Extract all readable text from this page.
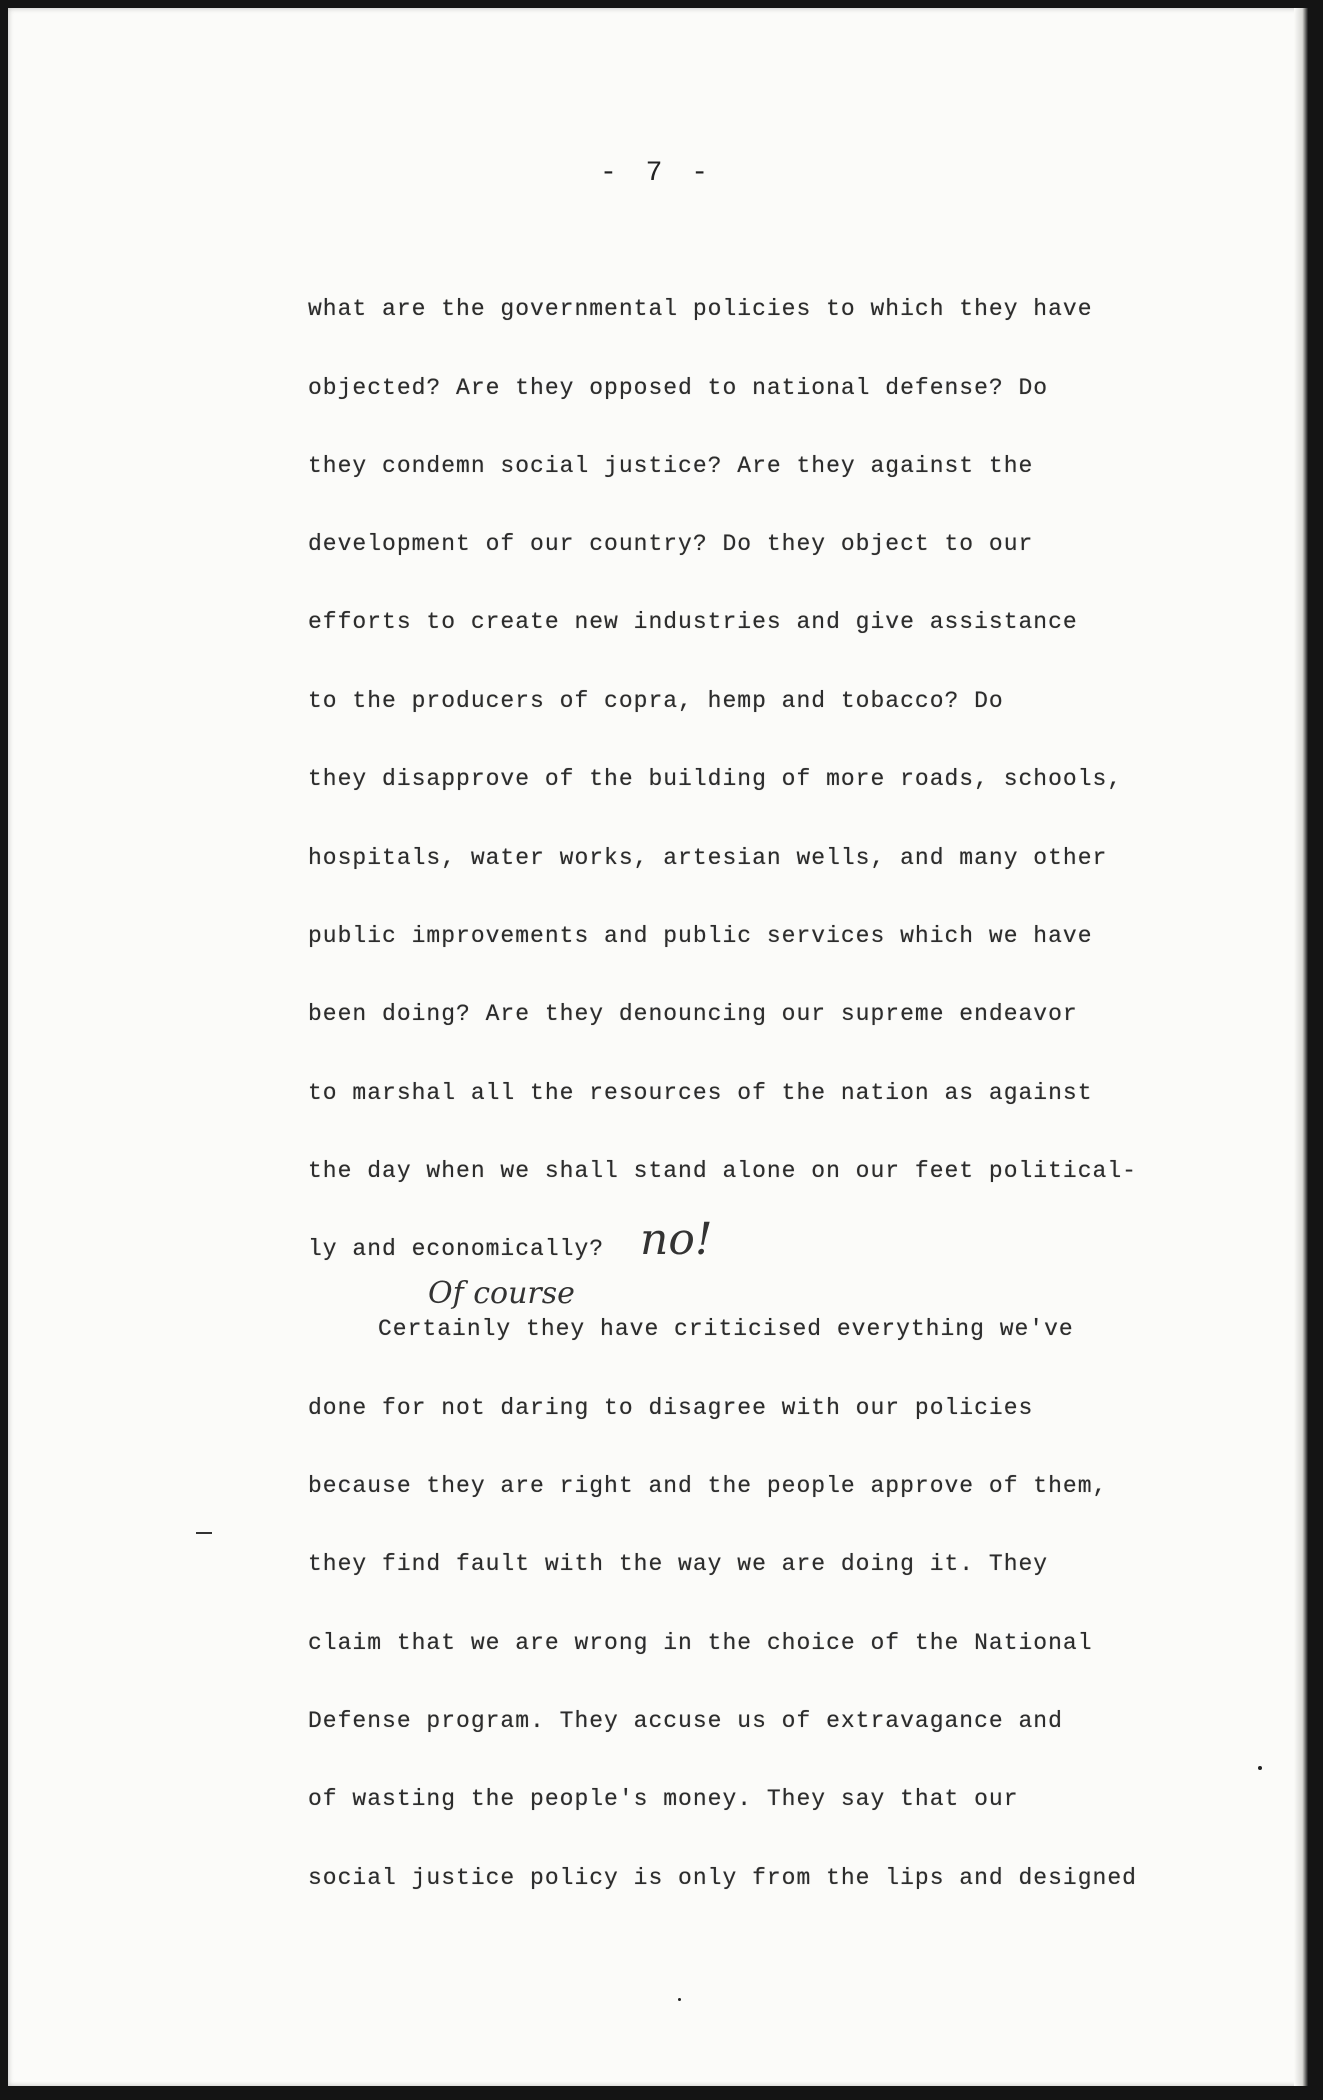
- 7 -
what are the governmental policies to which they have
objected? Are they opposed to national defense? Do
they condemn social justice? Are they against the
development of our country? Do they object to our
efforts to create new industries and give assistance
to the producers of copra, hemp and tobacco? Do
they disapprove of the building of more roads, schools,
hospitals, water works, artesian wells, and many other
public improvements and public services which we have
been doing? Are they denouncing our supreme endeavor
to marshal all the resources of the nation as against
the day when we shall stand alone on our feet political-
ly and economically?
Certainly they have criticised everything we've
done for not daring to disagree with our policies
because they are right and the people approve of them,
they find fault with the way we are doing it. They
claim that we are wrong in the choice of the National
Defense program. They accuse us of extravagance and
of wasting the people's money. They say that our
social justice policy is only from the lips and designed
no!
Of course
